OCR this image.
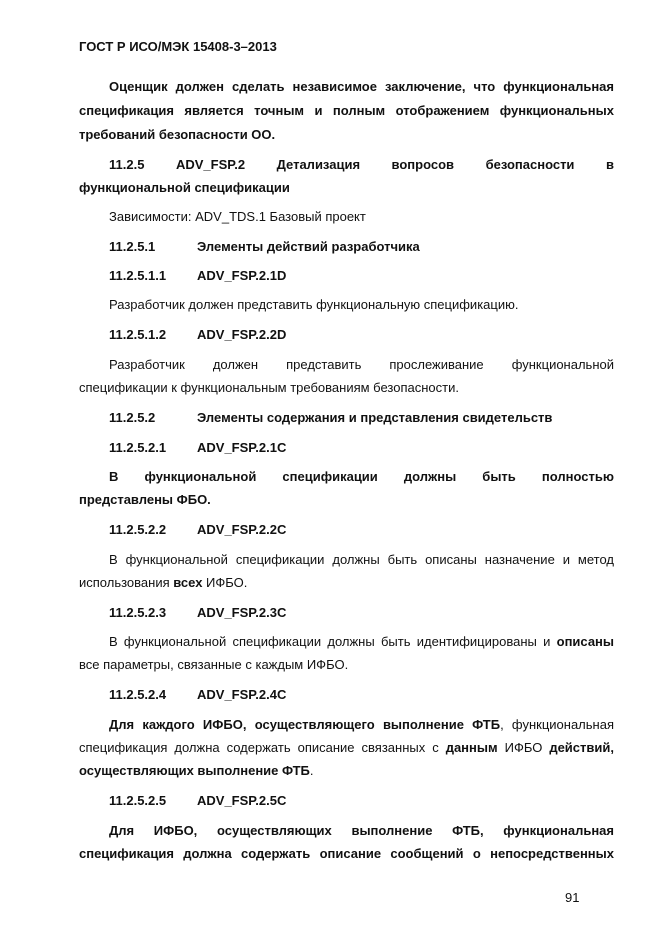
ГОСТ Р ИСО/МЭК 15408-3–2013
Оценщик должен сделать независимое заключение, что функциональная
спецификация является точным и полным отображением функциональных
требований безопасности ОО.
11.2.5 ADV_FSP.2 Детализация вопросов безопасности в
функциональной спецификации
Зависимости: ADV_TDS.1 Базовый проект
11.2.5.1	Элементы действий разработчика
11.2.5.1.1 ADV_FSP.2.1D
Разработчик должен представить функциональную спецификацию.
11.2.5.1.2 ADV_FSP.2.2D
Разработчик должен представить прослеживание функциональной
спецификации к функциональным требованиям безопасности.
11.2.5.2	Элементы содержания и представления свидетельств
11.2.5.2.1 ADV_FSP.2.1C
В функциональной спецификации должны быть полностью
представлены ФБО.
11.2.5.2.2 ADV_FSP.2.2C
В функциональной спецификации должны быть описаны назначение и метод
использования всех ИФБО.
11.2.5.2.3 ADV_FSP.2.3C
В функциональной спецификации должны быть идентифицированы и описаны
все параметры, связанные с каждым ИФБО.
11.2.5.2.4 ADV_FSP.2.4C
Для каждого ИФБО, осуществляющего выполнение ФТБ, функциональная
спецификация должна содержать описание связанных с данным ИФБО действий,
осуществляющих выполнение ФТБ.
11.2.5.2.5 ADV_FSP.2.5C
Для ИФБО, осуществляющих выполнение ФТБ, функциональная
спецификация должна содержать описание сообщений о непосредственных
91
